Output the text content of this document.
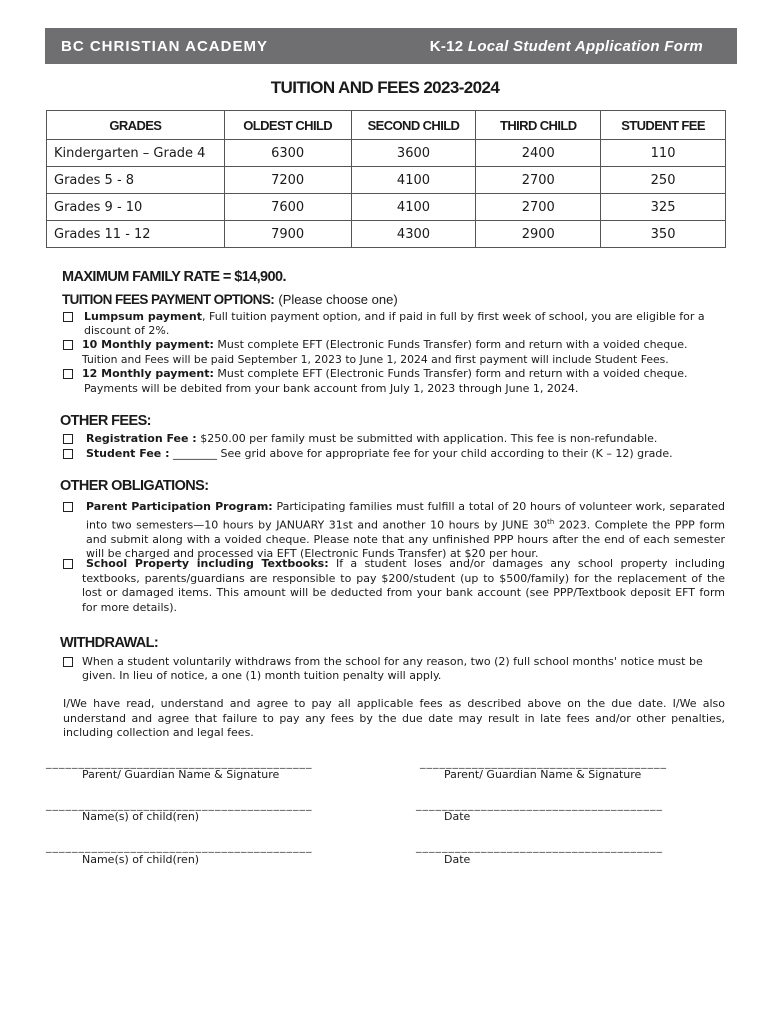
BC CHRISTIAN ACADEMY	K-12 Local Student Application Form
TUITION AND FEES 2023-2024
GRADES	OLDEST CHILD	SECOND CHILD	THIRD CHILD	STUDENT FEE
Kindergarten – Grade 4	6300	3600	2400	110
Grades 5 - 8	7200	4100	2700	250
Grades 9 - 10	7600	4100	2700	325
Grades 11 - 12	7900	4300	2900	350
MAXIMUM FAMILY RATE = $14,900.
TUITION FEES PAYMENT OPTIONS: (Please choose one)
Lumpsum payment, Full tuition payment option, and if paid in full by first week of school, you are eligible for a
discount of 2%.
10 Monthly payment: Must complete EFT (Electronic Funds Transfer) form and return with a voided cheque.
Tuition and Fees will be paid September 1, 2023 to June 1, 2024 and first payment will include Student Fees.
12 Monthly payment: Must complete EFT (Electronic Funds Transfer) form and return with a voided cheque.
Payments will be debited from your bank account from July 1, 2023 through June 1, 2024.
OTHER FEES:
Registration Fee : $250.00 per family must be submitted with application. This fee is non-refundable.
Student Fee : ________ See grid above for appropriate fee for your child according to their (K – 12) grade.
OTHER OBLIGATIONS:
Parent Participation Program: Participating families must fulfill a total of 20 hours of volunteer work, separated into two semesters—10 hours by JANUARY 31st and another 10 hours by JUNE 30th 2023. Complete the PPP form and submit along with a voided cheque. Please note that any unfinished PPP hours after the end of each semester will be charged and processed via EFT (Electronic Funds Transfer) at $20 per hour.
School Property including Textbooks: If a student loses and/or damages any school property including textbooks, parents/guardians are responsible to pay $200/student (up to $500/family) for the replacement of the lost or damaged items. This amount will be deducted from your bank account (see PPP/Textbook deposit EFT form for more details).
WITHDRAWAL:
When a student voluntarily withdraws from the school for any reason, two (2) full school months' notice must be
given. In lieu of notice, a one (1) month tuition penalty will apply.
I/We have read, understand and agree to pay all applicable fees as described above on the due date. I/We also understand and agree that failure to pay any fees by the due date may result in late fees and/or other penalties, including collection and legal fees.
_________________________________________
Parent/ Guardian Name & Signature
______________________________________
Parent/ Guardian Name & Signature
_________________________________________
Name(s) of child(ren)
______________________________________
Date
_________________________________________
Name(s) of child(ren)
______________________________________
Date
